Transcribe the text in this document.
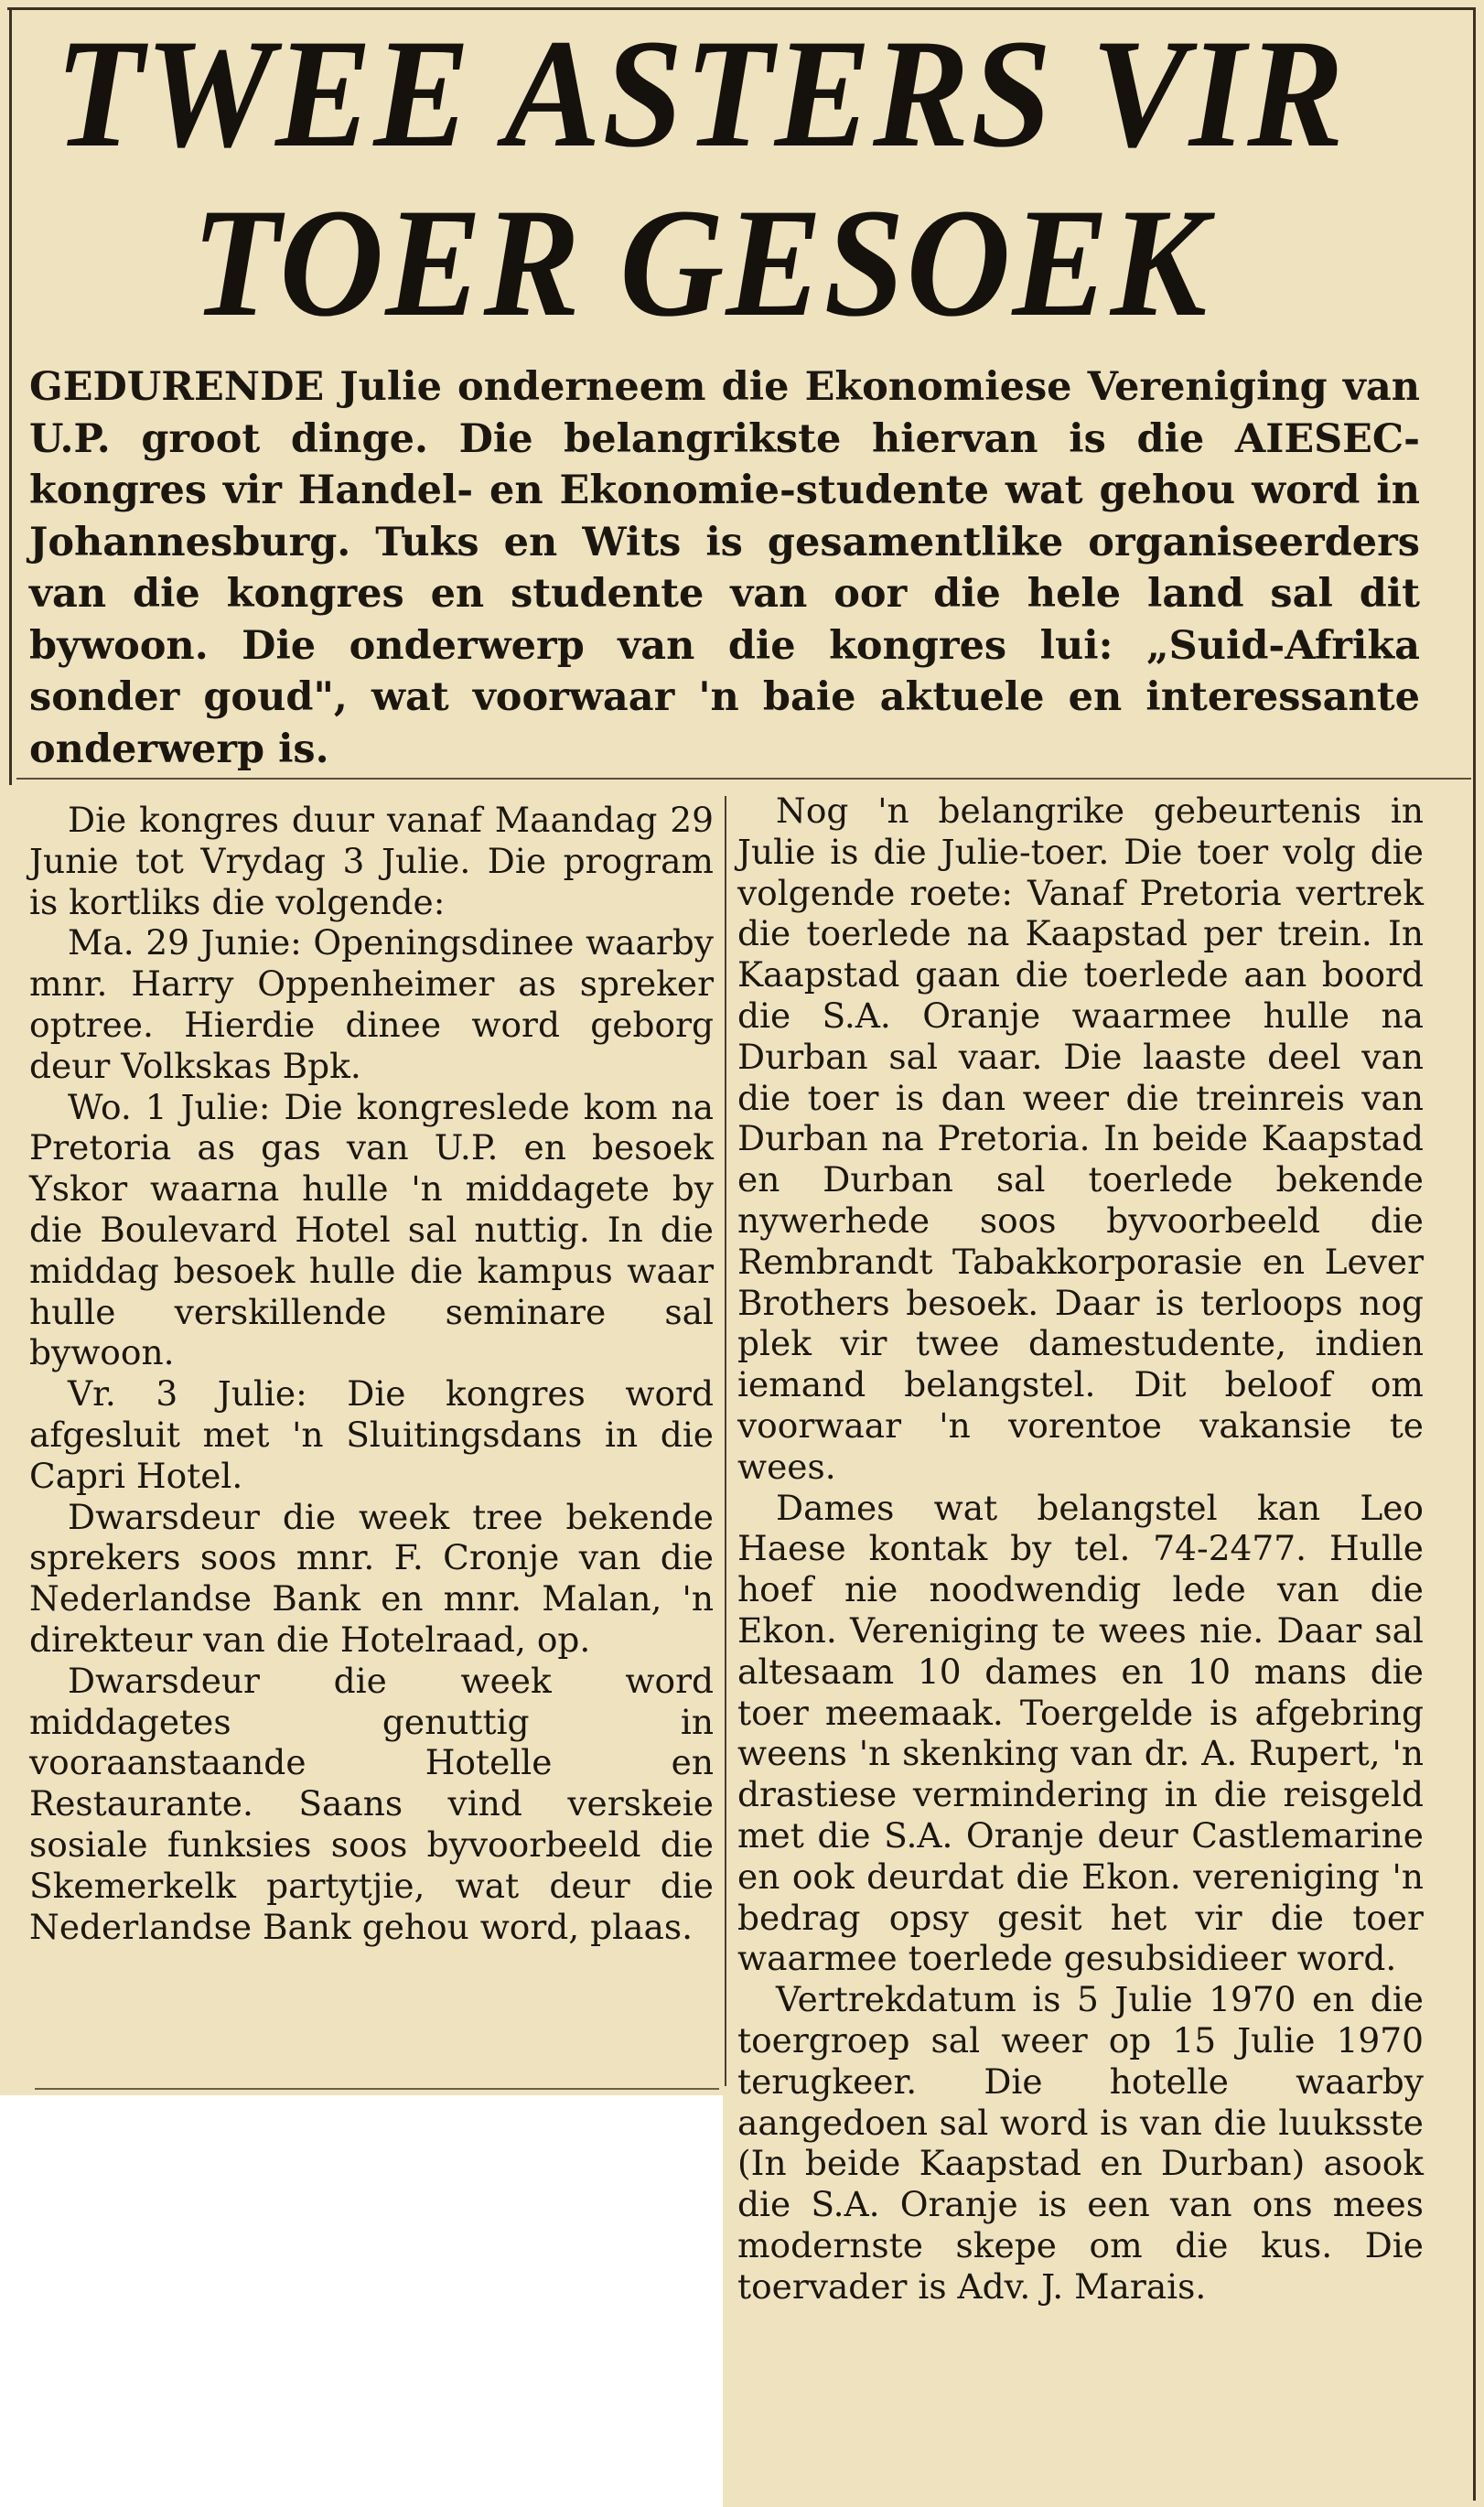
TWEE ASTERS VIR
TOER GESOEK
GEDURENDE Julie onderneem die Ekonomiese Vereniging van U.P. groot dinge. Die belangrikste hiervan is die AIESEC-kongres vir Handel- en Ekonomie-studente wat gehou word in Johannesburg. Tuks en Wits is gesamentlike organiseerders van die kongres en studente van oor die hele land sal dit bywoon. Die onderwerp van die kongres lui: „Suid-Afrika sonder goud", wat voorwaar 'n baie aktuele en interessante onderwerp is.

Die kongres duur vanaf Maandag 29 Junie tot Vrydag 3 Julie. Die program is kortliks die volgende:

Ma. 29 Junie: Openingsdinee waarby mnr. Harry Oppenheimer as spreker optree. Hierdie dinee word geborg deur Volkskas Bpk.

Wo. 1 Julie: Die kongreslede kom na Pretoria as gas van U.P. en besoek Yskor waarna hulle 'n middagete by die Boulevard Hotel sal nuttig. In die middag besoek hulle die kampus waar hulle verskillende seminare sal bywoon.

Vr. 3 Julie: Die kongres word afgesluit met 'n Sluitingsdans in die Capri Hotel.

Dwarsdeur die week tree bekende sprekers soos mnr. F. Cronje van die Nederlandse Bank en mnr. Malan, 'n direkteur van die Hotelraad, op.

Dwarsdeur die week word middagetes genuttig in vooraanstaande Hotelle en Restaurante. Saans vind verskeie sosiale funksies soos byvoorbeeld die Skemerkelk partytjie, wat deur die Nederlandse Bank gehou word, plaas.

Nog 'n belangrike gebeurtenis in Julie is die Julie-toer. Die toer volg die volgende roete: Vanaf Pretoria vertrek die toerlede na Kaapstad per trein. In Kaapstad gaan die toerlede aan boord die S.A. Oranje waarmee hulle na Durban sal vaar. Die laaste deel van die toer is dan weer die treinreis van Durban na Pretoria. In beide Kaapstad en Durban sal toerlede bekende nywerhede soos byvoorbeeld die Rembrandt Tabakkorporasie en Lever Brothers besoek. Daar is terloops nog plek vir twee damestudente, indien iemand belangstel. Dit beloof om voorwaar 'n vorentoe vakansie te wees.

Dames wat belangstel kan Leo Haese kontak by tel. 74-2477. Hulle hoef nie noodwendig lede van die Ekon. Vereniging te wees nie. Daar sal altesaam 10 dames en 10 mans die toer meemaak. Toergelde is afgebring weens 'n skenking van dr. A. Rupert, 'n drastiese vermindering in die reisgeld met die S.A. Oranje deur Castlemarine en ook deurdat die Ekon. vereniging 'n bedrag opsy gesit het vir die toer waarmee toerlede gesubsidieer word.

Vertrekdatum is 5 Julie 1970 en die toergroep sal weer op 15 Julie 1970 terugkeer. Die hotelle waarby aangedoen sal word is van die luuksste (In beide Kaapstad en Durban) asook die S.A. Oranje is een van ons mees modernste skepe om die kus. Die toervader is Adv. J. Marais.
